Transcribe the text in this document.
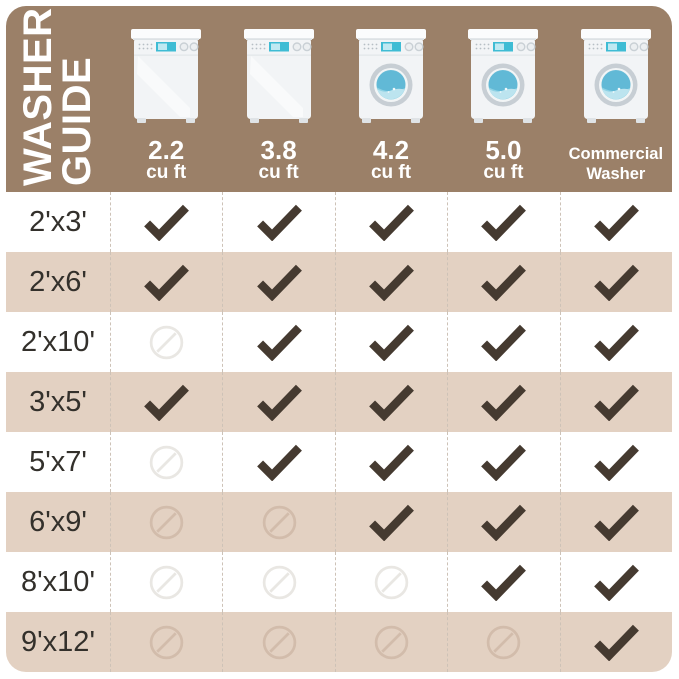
WASHER
GUIDE 2.2
cu ft
3.8
cu ft
4.2
cu ft
5.0
cu ft
Commercial
Washer
2'x3'
2'x6'
2'x10'
3'x5'
5'x7'
6'x9'
8'x10'
9'x12'
